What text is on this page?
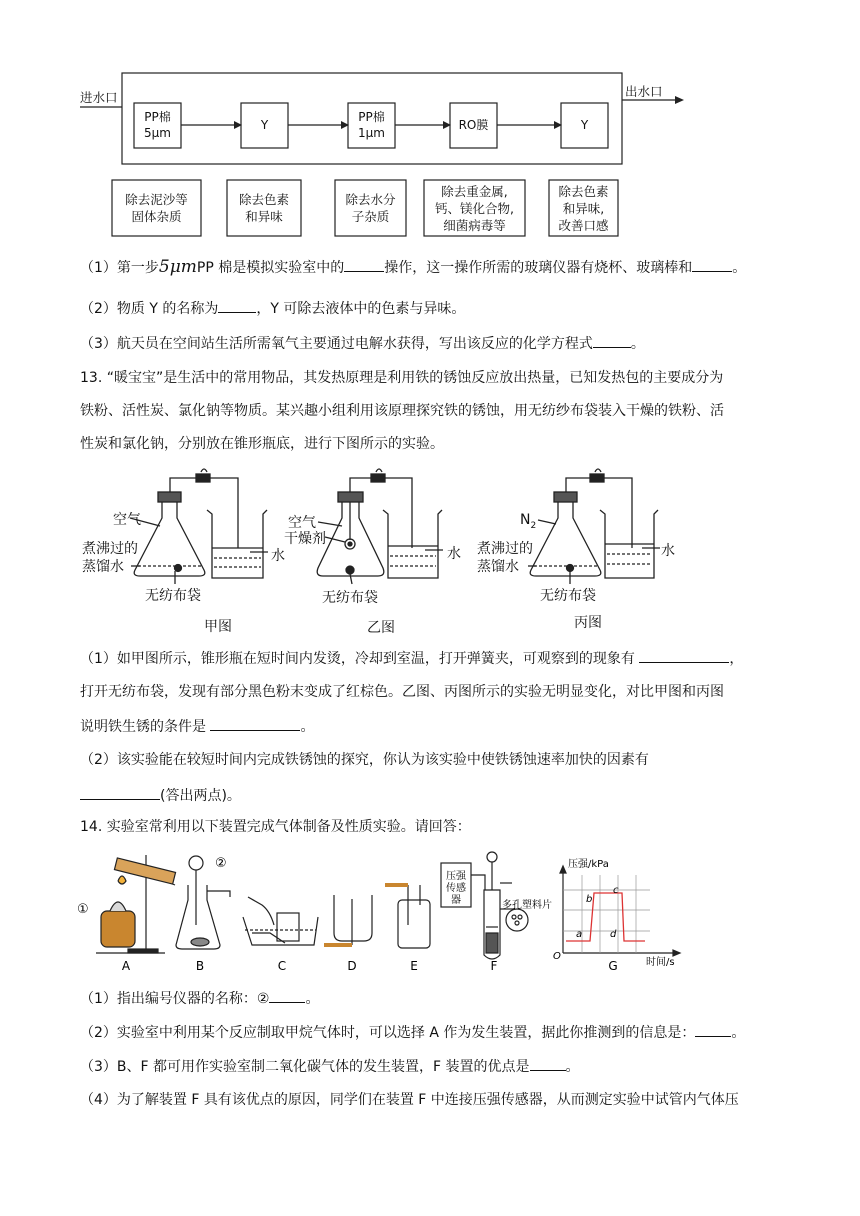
进水口	出水口
PP棉
5μm
Y
PP棉
1μm
RO膜	Y
除去泥沙等
固体杂质
除去色素
和异味
除去水分
子杂质
除去重金属,
钙、镁化合物,
细菌病毒等
除去色素
和异味,
改善口感
（1）第一步5μmPP 棉是模拟实验室中的	操作，这一操作所需的玻璃仪器有烧杯、玻璃棒和	。
（2）物质 Y 的名称为	，Y 可除去液体中的色素与异味。
（3）航天员在空间站生活所需氧气主要通过电解水获得，写出该反应的化学方程式	。
13. “暖宝宝”是生活中的常用物品，其发热原理是利用铁的锈蚀反应放出热量，已知发热包的主要成分为
铁粉、活性炭、氯化钠等物质。某兴趣小组利用该原理探究铁的锈蚀，用无纺纱布袋装入干燥的铁粉、活
性炭和氯化钠，分别放在锥形瓶底，进行下图所示的实验。
空气
煮沸过的
蒸馏水
水
无纺布袋
甲图
空气
干燥剂
水
无纺布袋
乙图
$N_2$
煮沸过的
蒸馏水
水
无纺布袋
丙图
（1）如甲图所示，锥形瓶在短时间内发烫，冷却到室温，打开弹簧夹，可观察到的现象有	，
打开无纺布袋，发现有部分黑色粉末变成了红棕色。乙图、丙图所示的实验无明显变化，对比甲图和丙图
说明铁生锈的条件是	。
（2）该实验能在较短时间内完成铁锈蚀的探究，你认为该实验中使铁锈蚀速率加快的因素有
(答出两点)。
14. 实验室常利用以下装置完成气体制备及性质实验。请回答：
A	B	C	D	E	F	G
①
②
压强
传感
器	多孔塑料片
压强/kPa
时间/s
O
a
b
c
d
（1）指出编号仪器的名称：②	。
（2）实验室中利用某个反应制取甲烷气体时，可以选择 A 作为发生装置，据此你推测到的信息是：	。
（3）B、F 都可用作实验室制二氧化碳气体的发生装置，F 装置的优点是	。
（4）为了解装置 F 具有该优点的原因，同学们在装置 F 中连接压强传感器，从而测定实验中试管内气体压
